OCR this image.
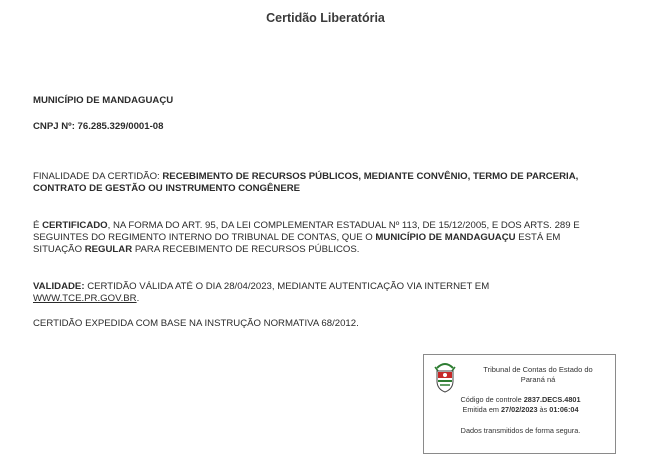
Certidão Liberatória
MUNICÍPIO DE MANDAGUAÇU
CNPJ Nº: 76.285.329/0001-08
FINALIDADE DA CERTIDÃO: RECEBIMENTO DE RECURSOS PÚBLICOS, MEDIANTE CONVÊNIO, TERMO DE PARCERIA,
CONTRATO DE GESTÃO OU INSTRUMENTO CONGÊNERE
É CERTIFICADO, NA FORMA DO ART. 95, DA LEI COMPLEMENTAR ESTADUAL Nº 113, DE 15/12/2005, E DOS ARTS. 289 E
SEGUINTES DO REGIMENTO INTERNO DO TRIBUNAL DE CONTAS, QUE O MUNICÍPIO DE MANDAGUAÇU ESTÁ EM
SITUAÇÃO REGULAR PARA RECEBIMENTO DE RECURSOS PÚBLICOS.
VALIDADE: CERTIDÃO VÁLIDA ATÉ O DIA 28/04/2023, MEDIANTE AUTENTICAÇÃO VIA INTERNET EM
WWW.TCE.PR.GOV.BR.
CERTIDÃO EXPEDIDA COM BASE NA INSTRUÇÃO NORMATIVA 68/2012.
Tribunal de Contas do Estado do
Paraná ná
Código de controle 2837.DECS.4801
Emitida em 27/02/2023 às 01:06:04
Dados transmitidos de forma segura.
